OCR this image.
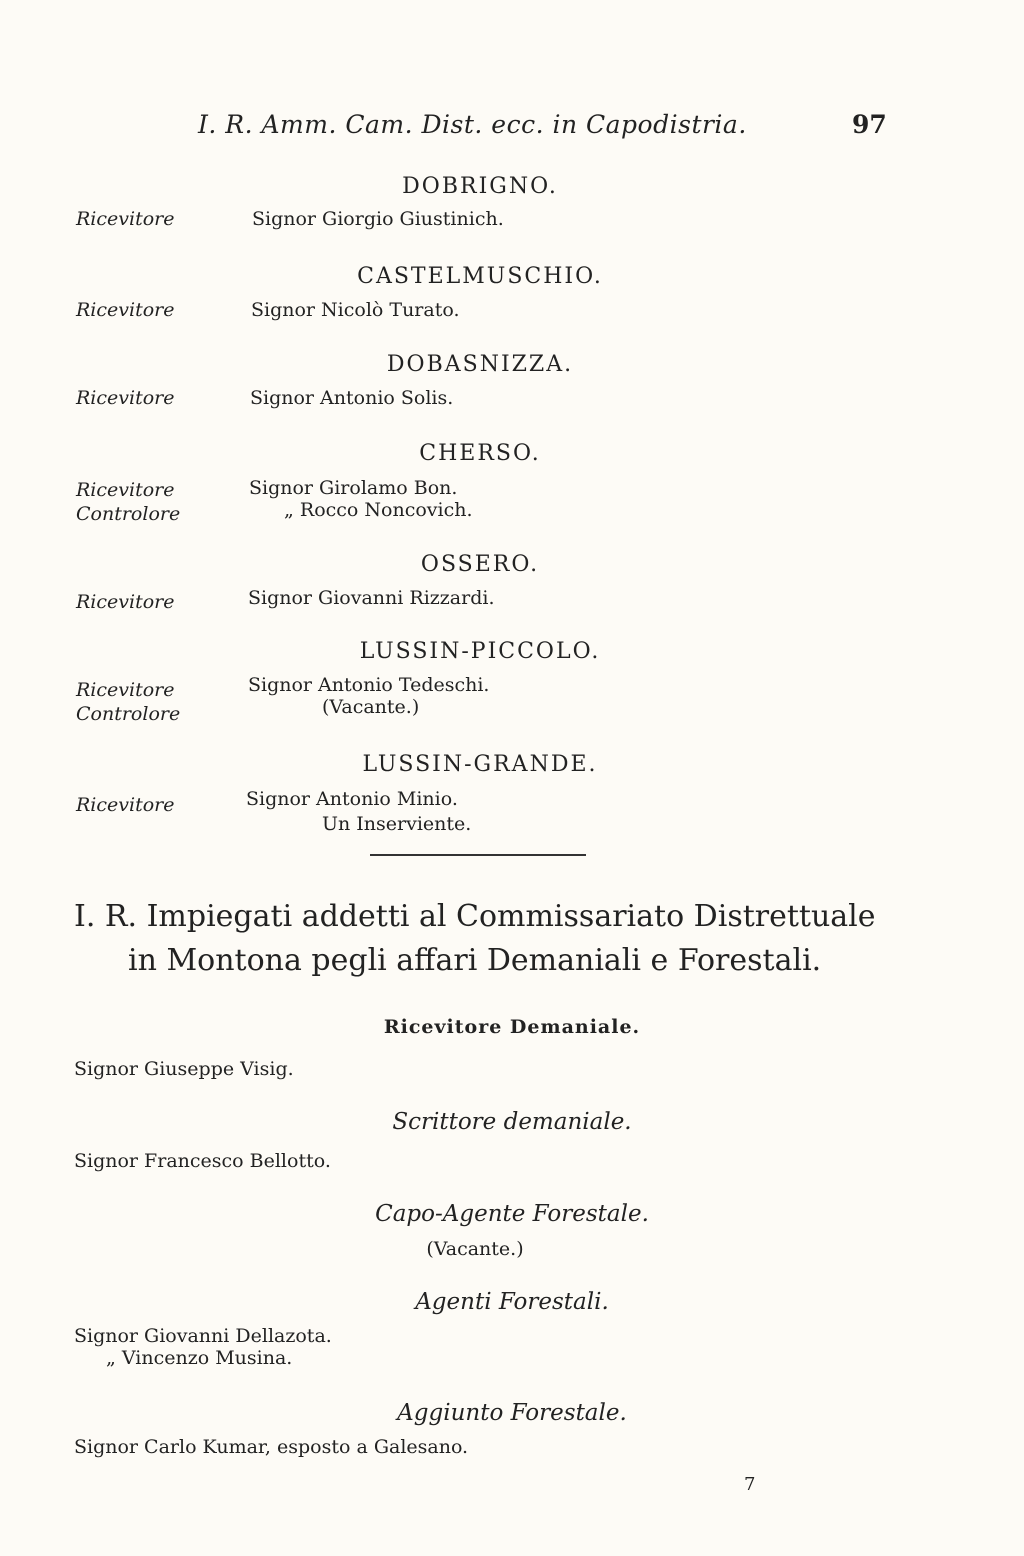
I. R. Amm. Cam. Dist. ecc. in Capodistria.	97
DOBRIGNO.
Ricevitore	Signor Giorgio Giustinich.
CASTELMUSCHIO.
Ricevitore	Signor Nicolò Turato.
DOBASNIZZA.
Ricevitore	Signor Antonio Solis.
CHERSO.
Ricevitore	Signor Girolamo Bon.
Controlore	„ Rocco Noncovich.
OSSERO.
Ricevitore	Signor Giovanni Rizzardi.
LUSSIN-PICCOLO.
Ricevitore	Signor Antonio Tedeschi.
Controlore	(Vacante.)
LUSSIN-GRANDE.
Ricevitore	Signor Antonio Minio.
Un Inserviente.
I. R. Impiegati addetti al Commissariato Distrettuale
in Montona pegli affari Demaniali e Forestali.
Ricevitore Demaniale.
Signor Giuseppe Visig.
Scrittore demaniale.
Signor Francesco Bellotto.
Capo-Agente Forestale.
(Vacante.)
Agenti Forestali.
Signor Giovanni Dellazota.
„ Vincenzo Musina.
Aggiunto Forestale.
Signor Carlo Kumar, esposto a Galesano.
7
